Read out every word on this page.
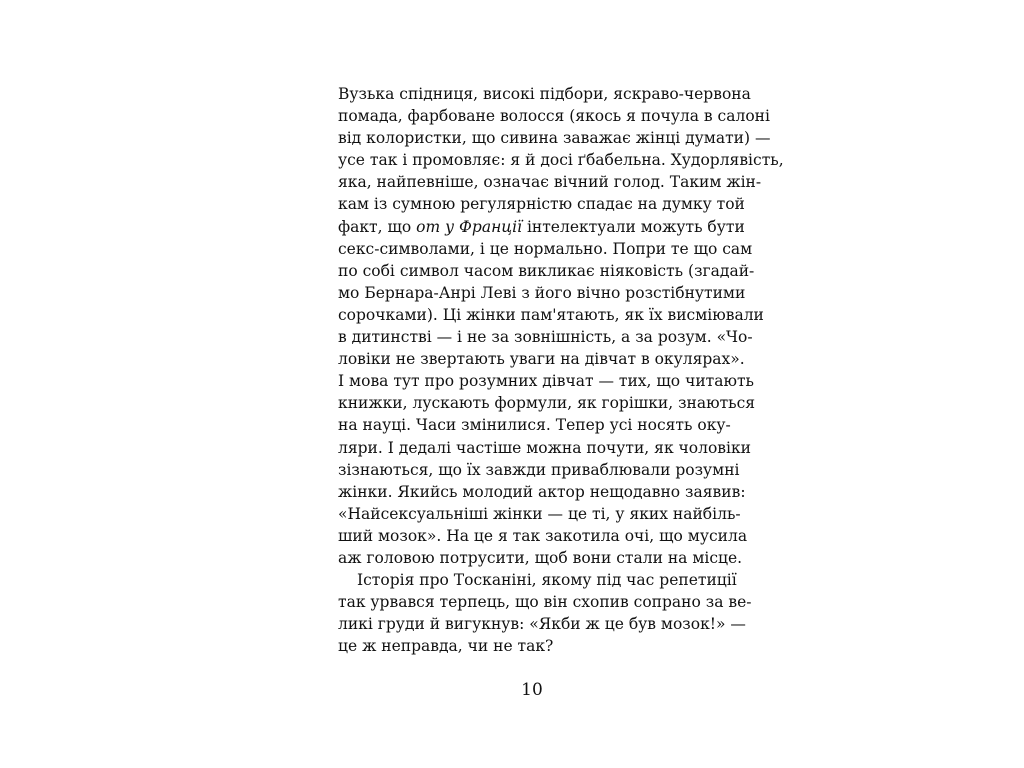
Вузька спідниця, високі підбори, яскраво-червона
помада, фарбоване волосся (якось я почула в салоні
від колористки, що сивина заважає жінці думати) —
усе так і промовляє: я й досі ґбабельна. Худорлявість,
яка, найпевніше, означає вічний голод. Таким жін-
кам із сумною регулярністю спадає на думку той
факт, що от у Франції інтелектуали можуть бути
секс-символами, і це нормально. Попри те що сам
по собі символ часом викликає ніяковість (згадай-
мо Бернара-Анрі Леві з його вічно розстібнутими
сорочками). Ці жінки пам'ятають, як їх висміювали
в дитинстві — і не за зовнішність, а за розум. «Чо-
ловіки не звертають уваги на дівчат в окулярах».
І мова тут про розумних дівчат — тих, що читають
книжки, лускають формули, як горішки, знаються
на науці. Часи змінилися. Тепер усі носять оку-
ляри. І дедалі частіше можна почути, як чоловіки
зізнаються, що їх завжди приваблювали розумні
жінки. Якийсь молодий актор нещодавно заявив:
«Найсексуальніші жінки — це ті, у яких найбіль-
ший мозок». На це я так закотила очі, що мусила
аж головою потрусити, щоб вони стали на місце.
Історія про Тосканіні, якому під час репетиції
так урвався терпець, що він схопив сопрано за ве-
ликі груди й вигукнув: «Якби ж це був мозок!» —
це ж неправда, чи не так?
10
